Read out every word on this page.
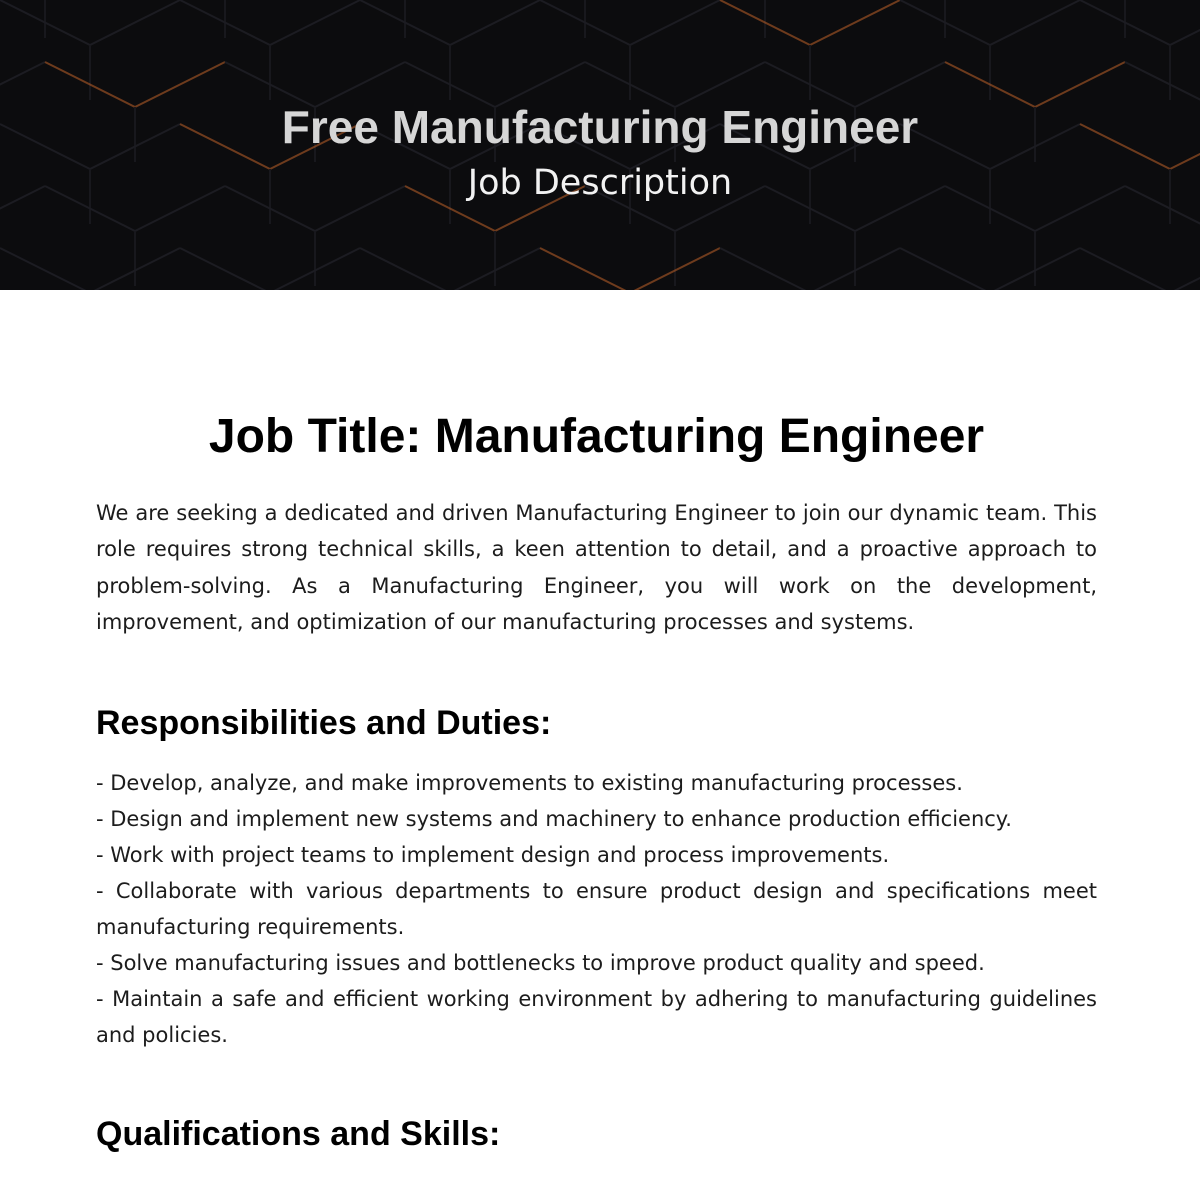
Free Manufacturing Engineer
Job Description
Job Title: Manufacturing Engineer

We are seeking a dedicated and driven Manufacturing Engineer to join our dynamic team. This role requires strong technical skills, a keen attention to detail, and a proactive approach to problem-solving. As a Manufacturing Engineer, you will work on the development, improvement, and optimization of our manufacturing processes and systems.

Responsibilities and Duties:
- Develop, analyze, and make improvements to existing manufacturing processes.
- Design and implement new systems and machinery to enhance production efficiency.
- Work with project teams to implement design and process improvements.
- Collaborate with various departments to ensure product design and specifications meet manufacturing requirements.
- Solve manufacturing issues and bottlenecks to improve product quality and speed.
- Maintain a safe and efficient working environment by adhering to manufacturing guidelines and policies.
Qualifications and Skills:
